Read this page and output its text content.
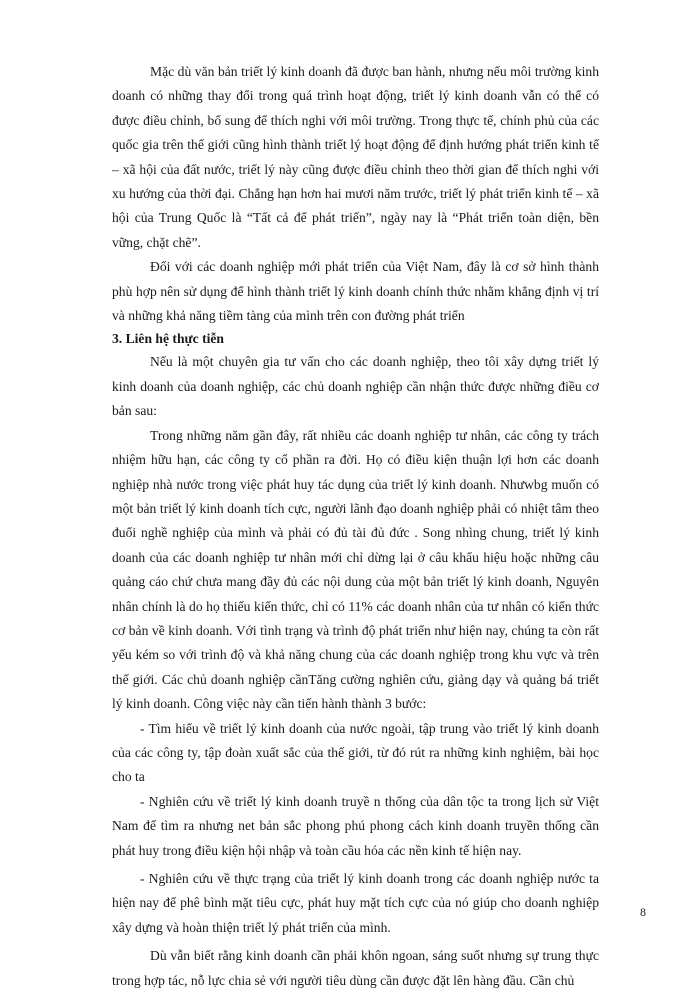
Mặc dù văn bản triết lý kinh doanh đã được ban hành, nhưng nếu môi trường kinh doanh có những thay đổi trong quá trình hoạt động, triết lý kinh doanh vẫn có thể có được điều chỉnh, bổ sung để thích nghi với môi trường. Trong thực tế, chính phủ của các quốc gia trên thế giới cũng hình thành triết lý hoạt động để định hướng phát triển kinh tế – xã hội của đất nước, triết lý này cũng được điều chỉnh theo thời gian để thích nghi với xu hướng của thời đại. Chẳng hạn hơn hai mươi năm trước, triết lý phát triển kinh tế – xã hội của Trung Quốc là “Tất cả để phát triển”, ngày nay là “Phát triển toàn diện, bền vững, chặt chẽ”.

Đối với các doanh nghiệp mới phát triển của Việt Nam, đây là cơ sở hình thành phù hợp nên sử dụng để hình thành triết lý kinh doanh chính thức nhằm khẳng định vị trí và những khả năng tiềm tàng của mình trên con đường phát triển

3. Liên hệ thực tiễn

Nếu là một chuyên gia tư vấn cho các doanh nghiệp, theo tôi xây dựng triết lý kinh doanh của doanh nghiệp, các chủ doanh nghiệp cần nhận thức được những điều cơ bản sau:

Trong những năm gần đây, rất nhiều các doanh nghiệp tư nhân, các công ty trách nhiệm hữu hạn, các công ty cổ phần ra đời. Họ có điều kiện thuận lợi hơn các doanh nghiệp nhà nước trong việc phát huy tác dụng của triết lý kinh doanh. Nhưwbg muốn có một bản triết lý kinh doanh tích cực, người lãnh đạo doanh nghiệp phải có nhiệt tâm theo đuổi nghề nghiệp của mình và phải có đủ tài đủ đức . Song nhìng chung, triết lý kinh doanh của các doanh nghiệp tư nhân mới chỉ dừng lại ở câu khẩu hiệu hoặc những câu quảng cáo chứ chưa mang đầy đủ các nội dung của một bản triết lý kinh doanh, Nguyên nhân chính là do họ thiếu kiến thức, chỉ có 11% các doanh nhân của tư nhân có kiến thức cơ bản về kinh doanh. Với tình trạng và trình độ phát triển như hiện nay, chúng ta còn rất yếu kém so với trình độ và khả năng chung của các doanh nghiệp trong khu vực và trên thế giới. Các chủ doanh nghiệp cầnTăng cường nghiên cứu, giảng dạy và quảng bá triết lý kinh doanh. Công việc này cần tiến hành thành 3 bước:

- Tìm hiểu về triết lý kinh doanh của nước ngoài, tập trung vào triết lý kinh doanh của các công ty, tập đoàn xuất sắc của thế giới, từ đó rút ra những kinh nghiệm, bài học cho ta

- Nghiên cứu về triết lý kinh doanh truyề n thống của dân tộc ta trong lịch sử Việt Nam để tìm ra nhưng net bản sắc phong phú phong cách kinh doanh truyền thống cần phát huy trong điều kiện hội nhập và toàn cầu hóa các nền kinh tế hiện nay.

- Nghiên cứu về thực trạng của triết lý kinh doanh trong các doanh nghiệp nước ta hiện nay để phê bình mặt tiêu cực, phát huy mặt tích cực của nó giúp cho doanh nghiệp xây dựng và hoàn thiện triết lý phát triển của mình.

Dù vẫn biết rằng kinh doanh cần phải khôn ngoan, sáng suốt nhưng sự trung thực trong hợp tác, nỗ lực chia sẻ với người tiêu dùng cần được đặt lên hàng đầu. Cần chủ

8
